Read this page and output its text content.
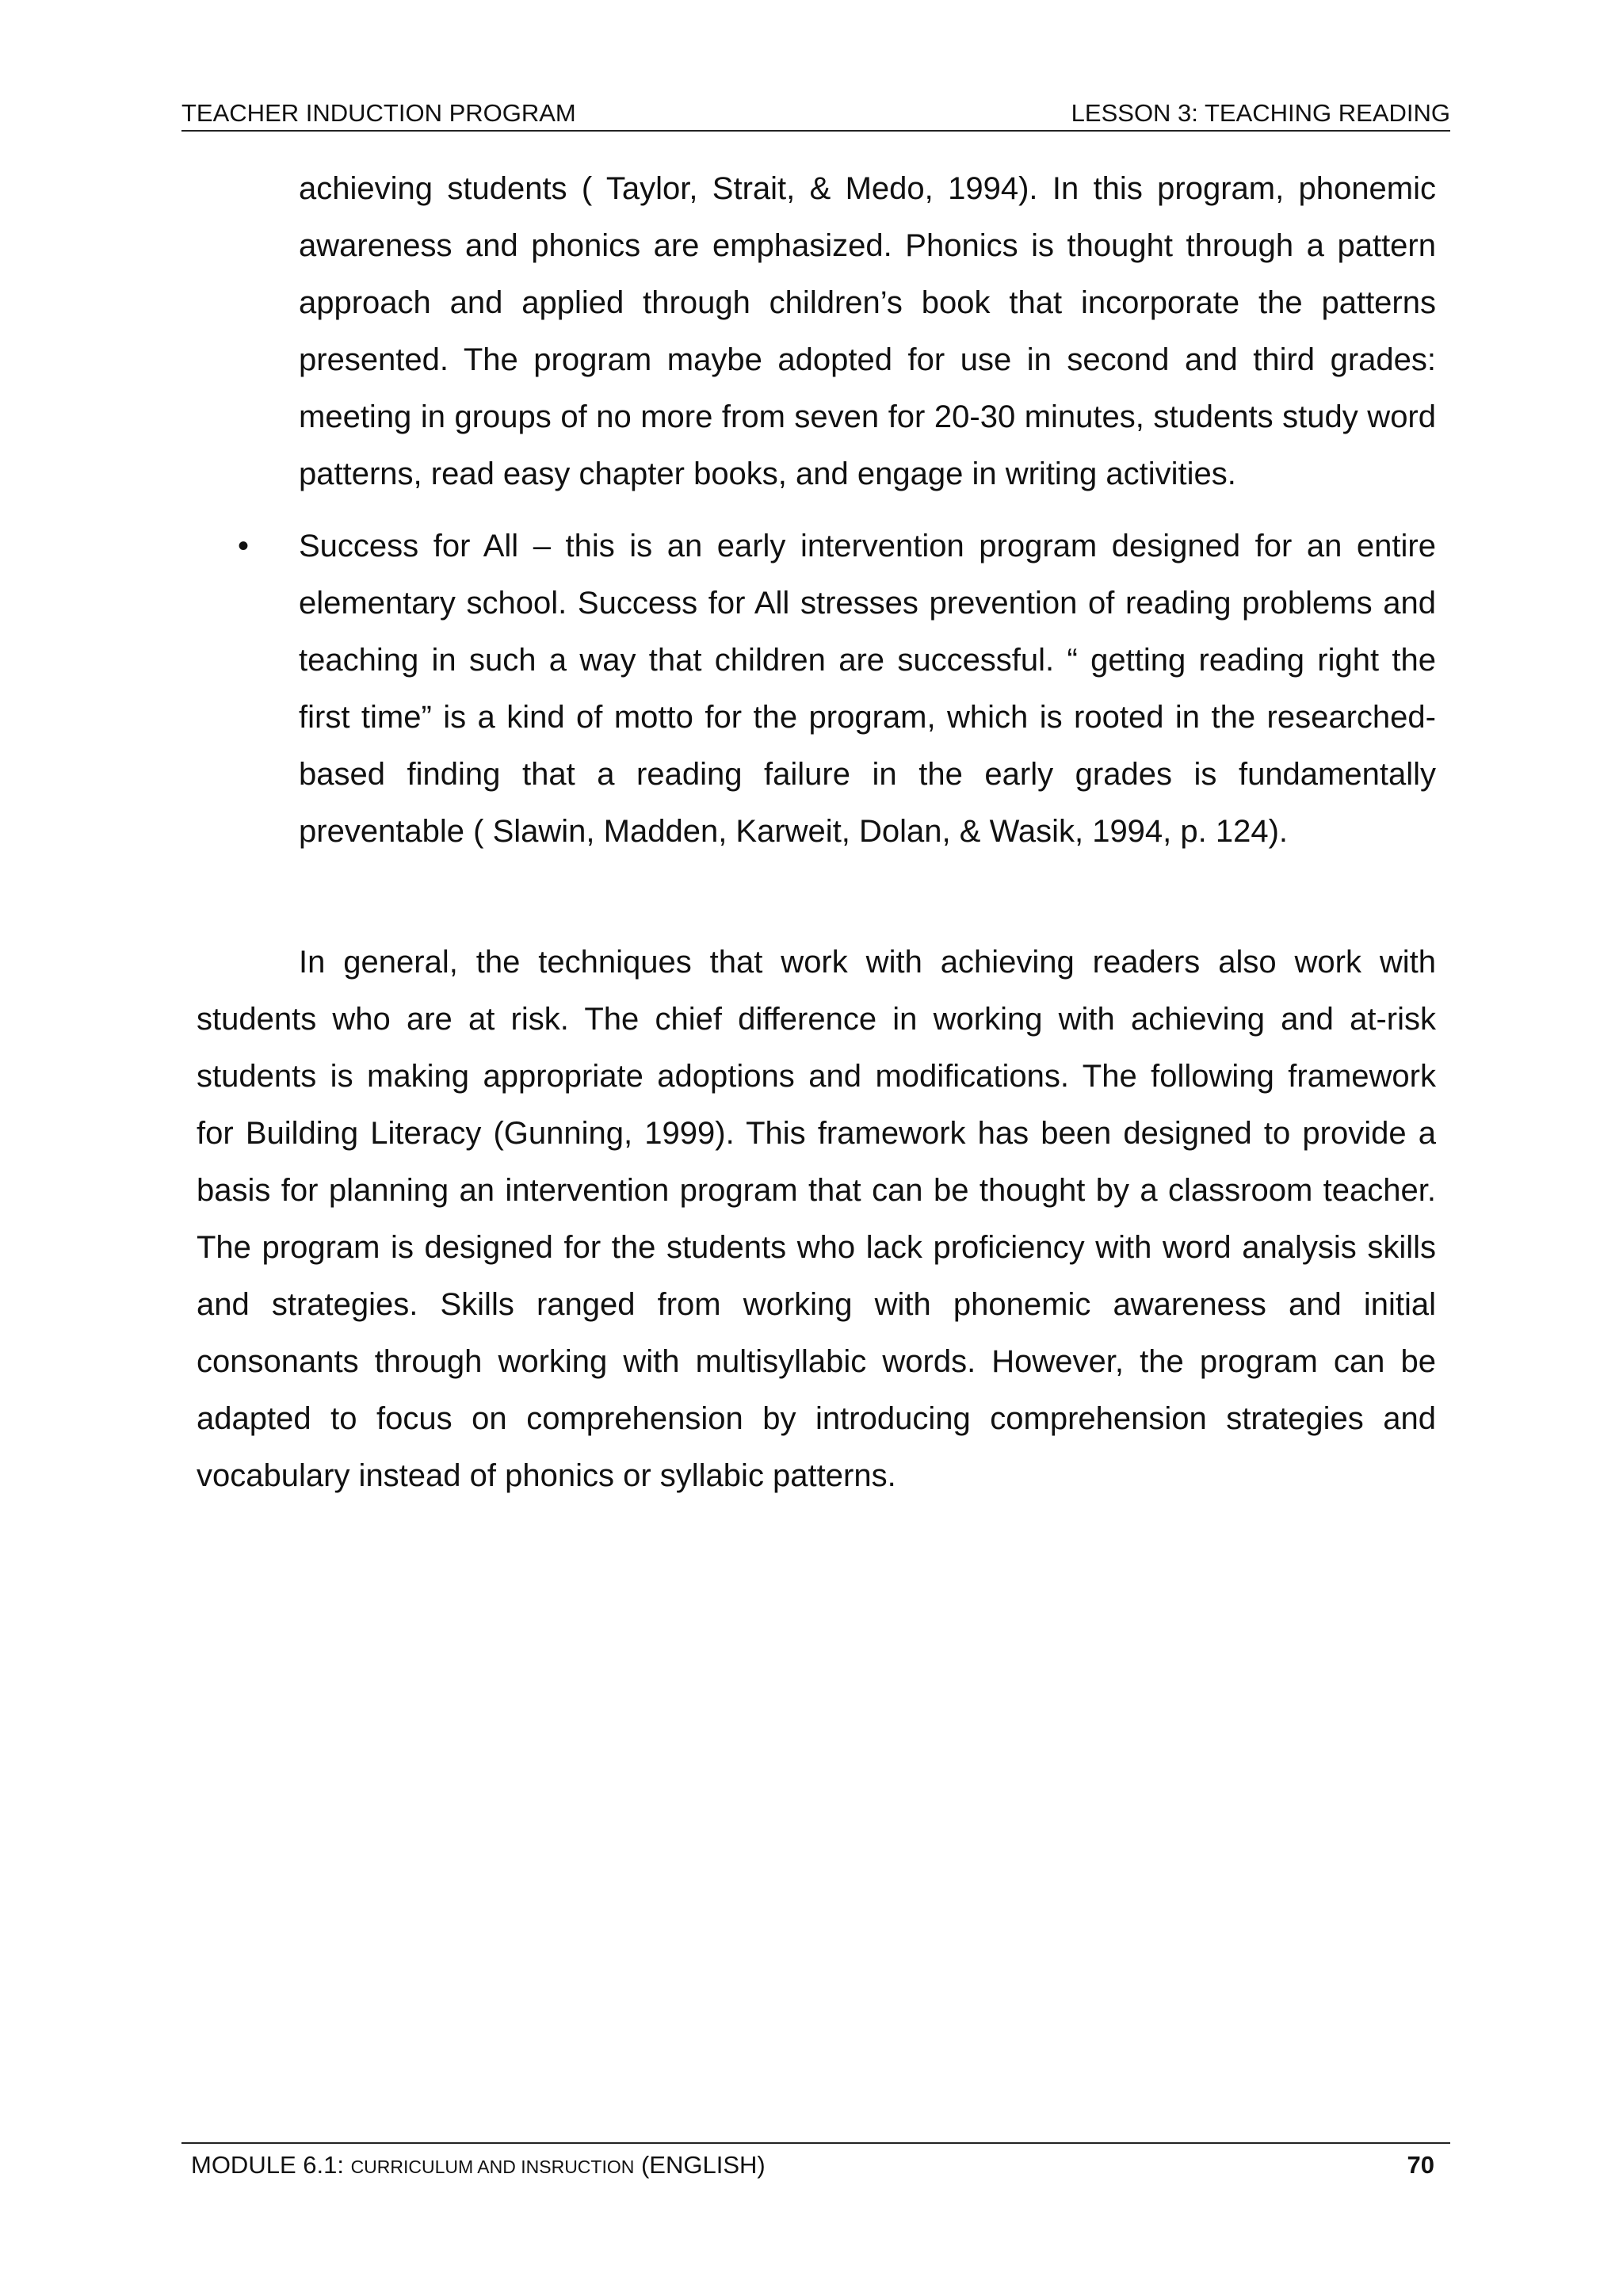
TEACHER INDUCTION PROGRAM	LESSON 3: TEACHING READING
achieving students ( Taylor, Strait, & Medo, 1994). In this program, phonemic awareness and phonics are emphasized. Phonics is thought through a pattern approach and applied through children’s book that incorporate the patterns presented. The program maybe adopted for use in second and third grades: meeting in groups of no more from seven for 20-30 minutes, students study word patterns, read easy chapter books, and engage in writing activities.
• Success for All – this is an early intervention program designed for an entire elementary school. Success for All stresses prevention of reading problems and teaching in such a way that children are successful. “ getting reading right the first time” is a kind of motto for the program, which is rooted in the researched-based finding that a reading failure in the early grades is fundamentally preventable ( Slawin, Madden, Karweit, Dolan, & Wasik, 1994, p. 124).
In general, the techniques that work with achieving readers also work with students who are at risk. The chief difference in working with achieving and at-risk students is making appropriate adoptions and modifications. The following framework for Building Literacy (Gunning, 1999). This framework has been designed to provide a basis for planning an intervention program that can be thought by a classroom teacher. The program is designed for the students who lack proficiency with word analysis skills and strategies. Skills ranged from working with phonemic awareness and initial consonants through working with multisyllabic words. However, the program can be adapted to focus on comprehension by introducing comprehension strategies and vocabulary instead of phonics or syllabic patterns.
MODULE 6.1: CURRICULUM AND INSRUCTION (ENGLISH)	70
